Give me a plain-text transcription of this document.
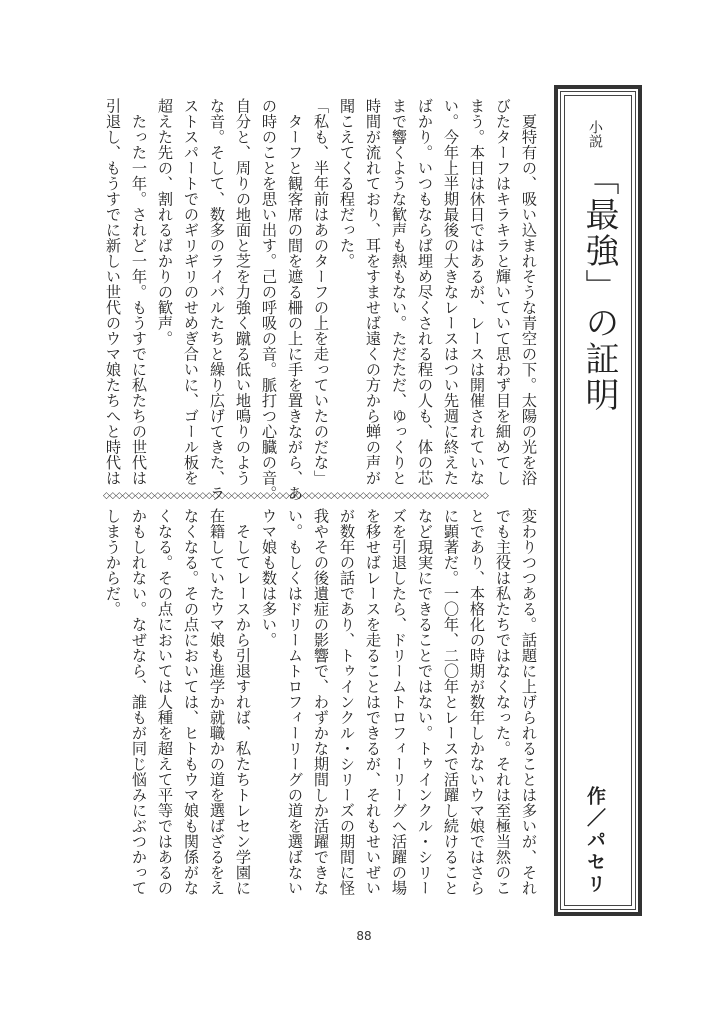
小説
「最強」の証明
作／パセリ
　夏特有の、吸い込まれそうな青空の下。太陽の光を浴
びたターフはキラキラと輝いていて思わず目を細めてし
まう。本日は休日ではあるが、レースは開催されていな
い。今年上半期最後の大きなレースはつい先週に終えた
ばかり。いつもならば埋め尽くされる程の人も、体の芯
まで響くような歓声も熱もない。ただただ、ゆっくりと
時間が流れており、耳をすませば遠くの方から蝉の声が
聞こえてくる程だった。
「私も、半年前はあのターフの上を走っていたのだな」
　ターフと観客席の間を遮る柵の上に手を置きながら、あ
の時のことを思い出す。己の呼吸の音。脈打つ心臓の音。
自分と、周りの地面と芝を力強く蹴る低い地鳴りのよう
な音。そして、数多のライバルたちと繰り広げてきた、ラ
ストスパートでのギリギリのせめぎ合いに、ゴール板を
超えた先の、割れるばかりの歓声。
　たった一年。されど一年。もうすでに私たちの世代は
引退し、もうすでに新しい世代のウマ娘たちへと時代は
◇◇◇◇◇◇◇◇◇◇◇◇◇◇◇◇◇◇◇◇◇◇◇◇◇◇◇◇◇◇◇◇◇◇◇◇◇◇◇◇◇◇◇◇◇◇◇◇◇◇◇◇◇◇◇◇◇◇◇◇
変わりつつある。話題に上げられることは多いが、それ
でも主役は私たちではなくなった。それは至極当然のこ
とであり、本格化の時期が数年しかないウマ娘ではさら
に顕著だ。一〇年、二〇年とレースで活躍し続けること
など現実にできることではない。トゥインクル・シリー
ズを引退したら、ドリームトロフィーリーグへ活躍の場
を移せばレースを走ることはできるが、それもせいぜい
が数年の話であり、トゥインクル・シリーズの期間に怪
我やその後遺症の影響で、わずかな期間しか活躍できな
い。もしくはドリームトロフィーリーグの道を選ばない
ウマ娘も数は多い。
　そしてレースから引退すれば、私たちトレセン学園に
在籍していたウマ娘も進学か就職かの道を選ばざるをえ
なくなる。その点においては、ヒトもウマ娘も関係がな
くなる。その点においては人種を超えて平等ではあるの
かもしれない。なぜなら、誰もが同じ悩みにぶつかって
しまうからだ。
88
